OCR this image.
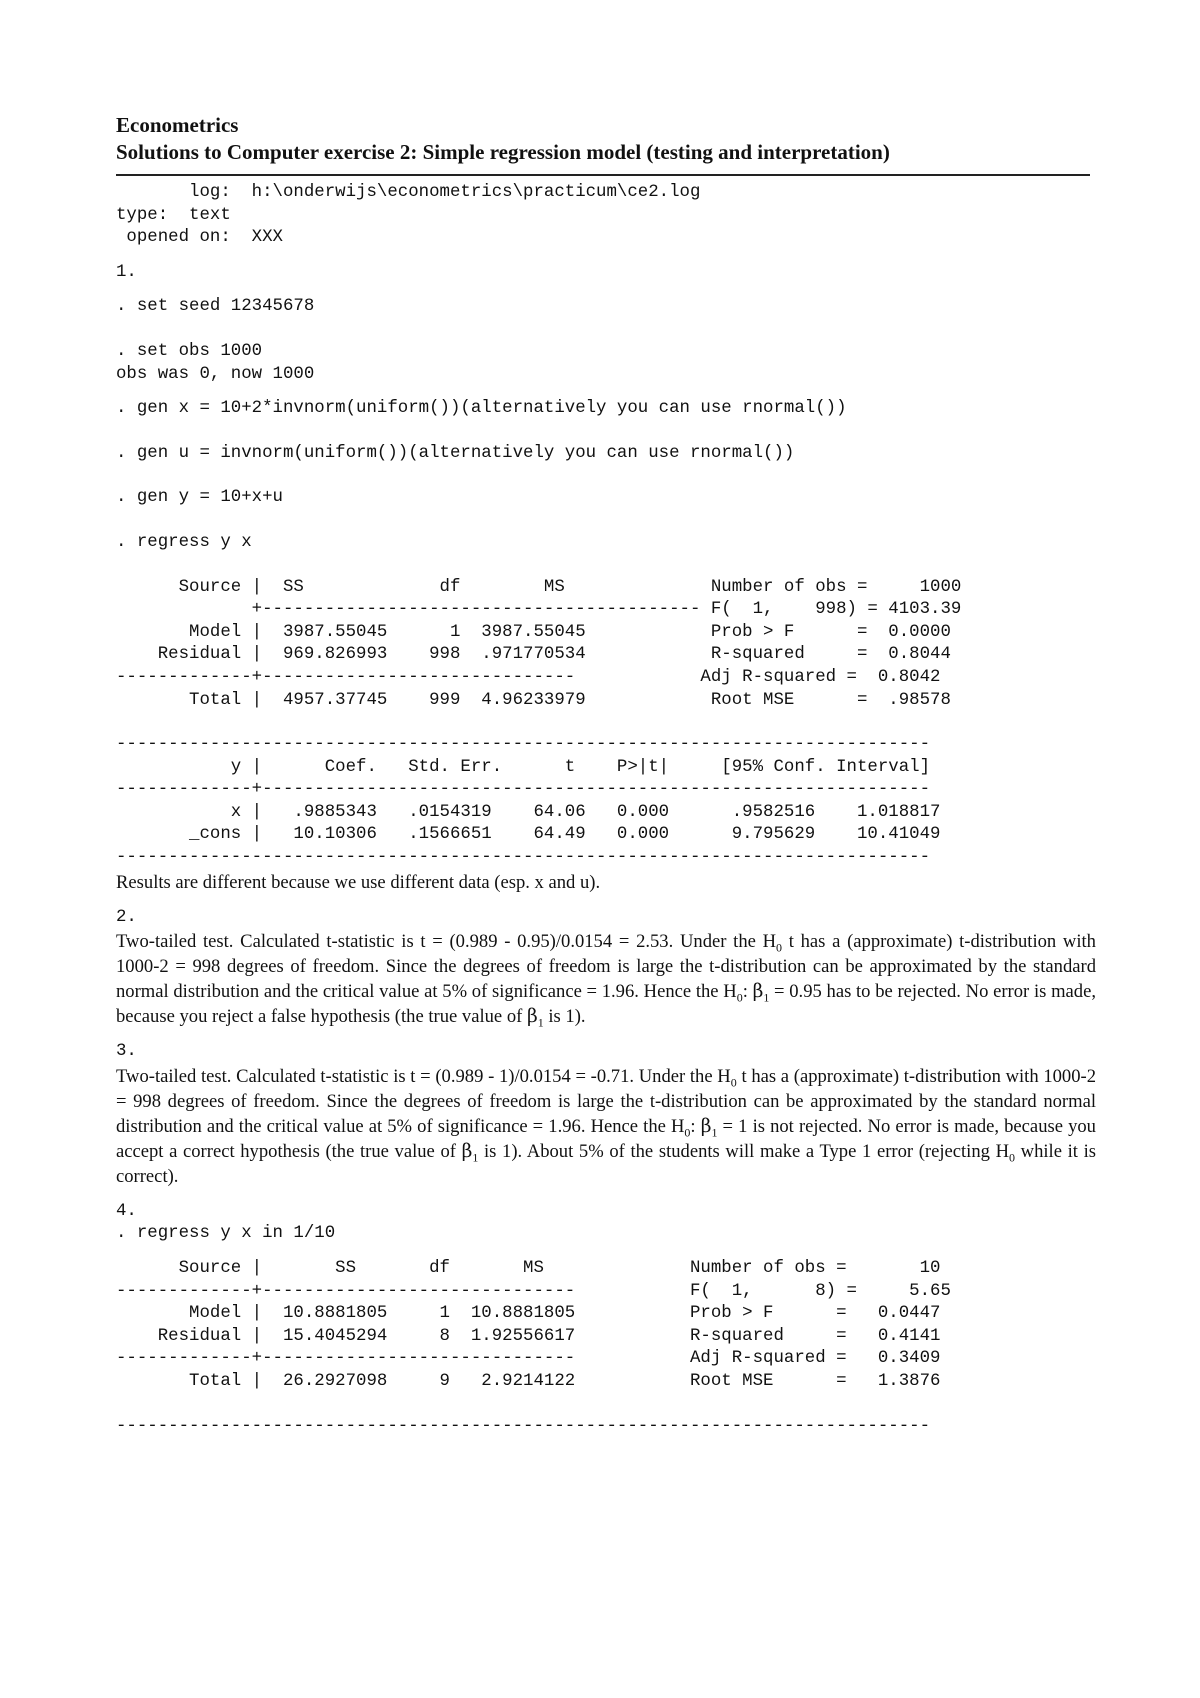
Econometrics

Solutions to Computer exercise 2: Simple regression model (testing and interpretation)

log:  h:\onderwijs\econometrics\practicum\ce2.log

type:  text

opened on:  XXX

1.

. set seed 12345678

. set obs 1000

obs was 0, now 1000

. gen x = 10+2*invnorm(uniform())(alternatively you can use rnormal())

. gen u = invnorm(uniform())(alternatively you can use rnormal())

. gen y = 10+x+u

. regress y x

Source |  SS             df        MS              Number of obs =     1000

+------------------------------------------ F(  1,    998) = 4103.39

Model |  3987.55045      1  3987.55045            Prob > F      =  0.0000

Residual |  969.826993    998  .971770534            R-squared     =  0.8044

-------------+------------------------------            Adj R-squared =  0.8042

Total |  4957.37745    999  4.96233979            Root MSE      =  .98578

------------------------------------------------------------------------------

y |      Coef.   Std. Err.      t    P>|t|     [95% Conf. Interval]

-------------+----------------------------------------------------------------

x |   .9885343   .0154319    64.06   0.000      .9582516    1.018817

_cons |   10.10306   .1566651    64.49   0.000      9.795629    10.41049

------------------------------------------------------------------------------

Results are different because we use different data (esp. x and u).

2.

Two-tailed test. Calculated t-statistic is t = (0.989 - 0.95)/0.0154 = 2.53. Under the $H_0$ t has a (approximate) t-distribution with 1000-2 = 998 degrees of freedom. Since the degrees of freedom is large the t-distribution can be approximated by the standard normal distribution and the critical value at 5% of significance = 1.96. Hence the $H_0$: $\beta_1 = 0.95$ has to be rejected. No error is made, because you reject a false hypothesis (the true value of $\beta_1$ is 1).

3.

Two-tailed test. Calculated t-statistic is t = (0.989 - 1)/0.0154 = -0.71. Under the $H_0$ t has a (approximate) t-distribution with 1000-2 = 998 degrees of freedom. Since the degrees of freedom is large the t-distribution can be approximated by the standard normal distribution and the critical value at 5% of significance = 1.96. Hence the $H_0$: $\beta_1 = 1$ is not rejected. No error is made, because you accept a correct hypothesis (the true value of $\beta_1$ is 1). About 5% of the students will make a Type 1 error (rejecting $H_0$ while it is correct).

4.

. regress y x in 1/10

Source |       SS       df       MS              Number of obs =       10

-------------+------------------------------           F(  1,      8) =     5.65

Model |  10.8881805     1  10.8881805           Prob > F      =   0.0447

Residual |  15.4045294     8  1.92556617           R-squared     =   0.4141

-------------+------------------------------           Adj R-squared =   0.3409

Total |  26.2927098     9   2.9214122           Root MSE      =   1.3876

------------------------------------------------------------------------------
